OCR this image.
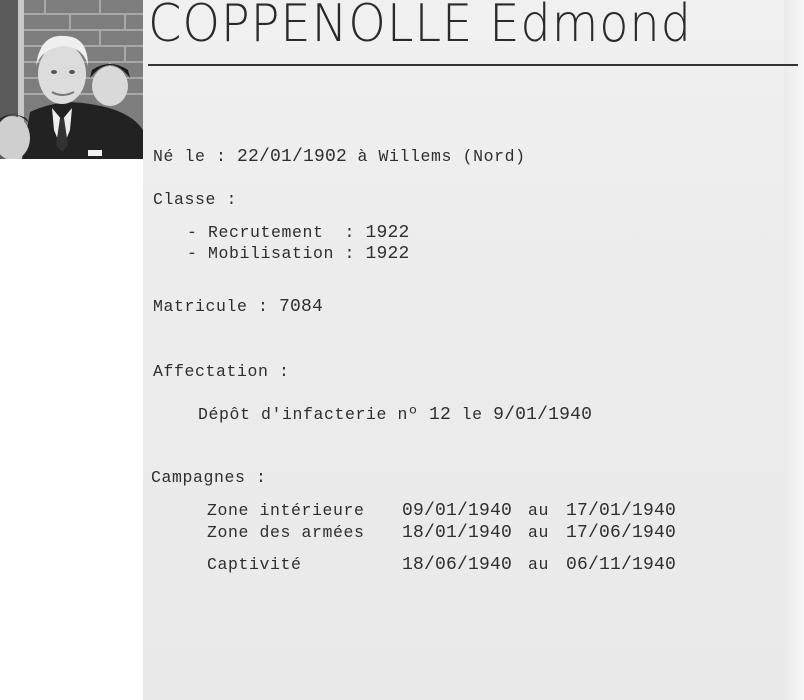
COPPENOLLE Edmond
Né le : 22/01/1902 à Willems (Nord)
Classe :
- Recrutement  : 1922
- Mobilisation : 1922
Matricule : 7084
Affectation :
Dépôt d'infacterie nº 12 le 9/01/1940
Campagnes :
Zone intérieure 09/01/1940 au 17/01/1940
Zone des armées 18/01/1940 au 17/06/1940
Captivité	18/06/1940 au 06/11/1940
